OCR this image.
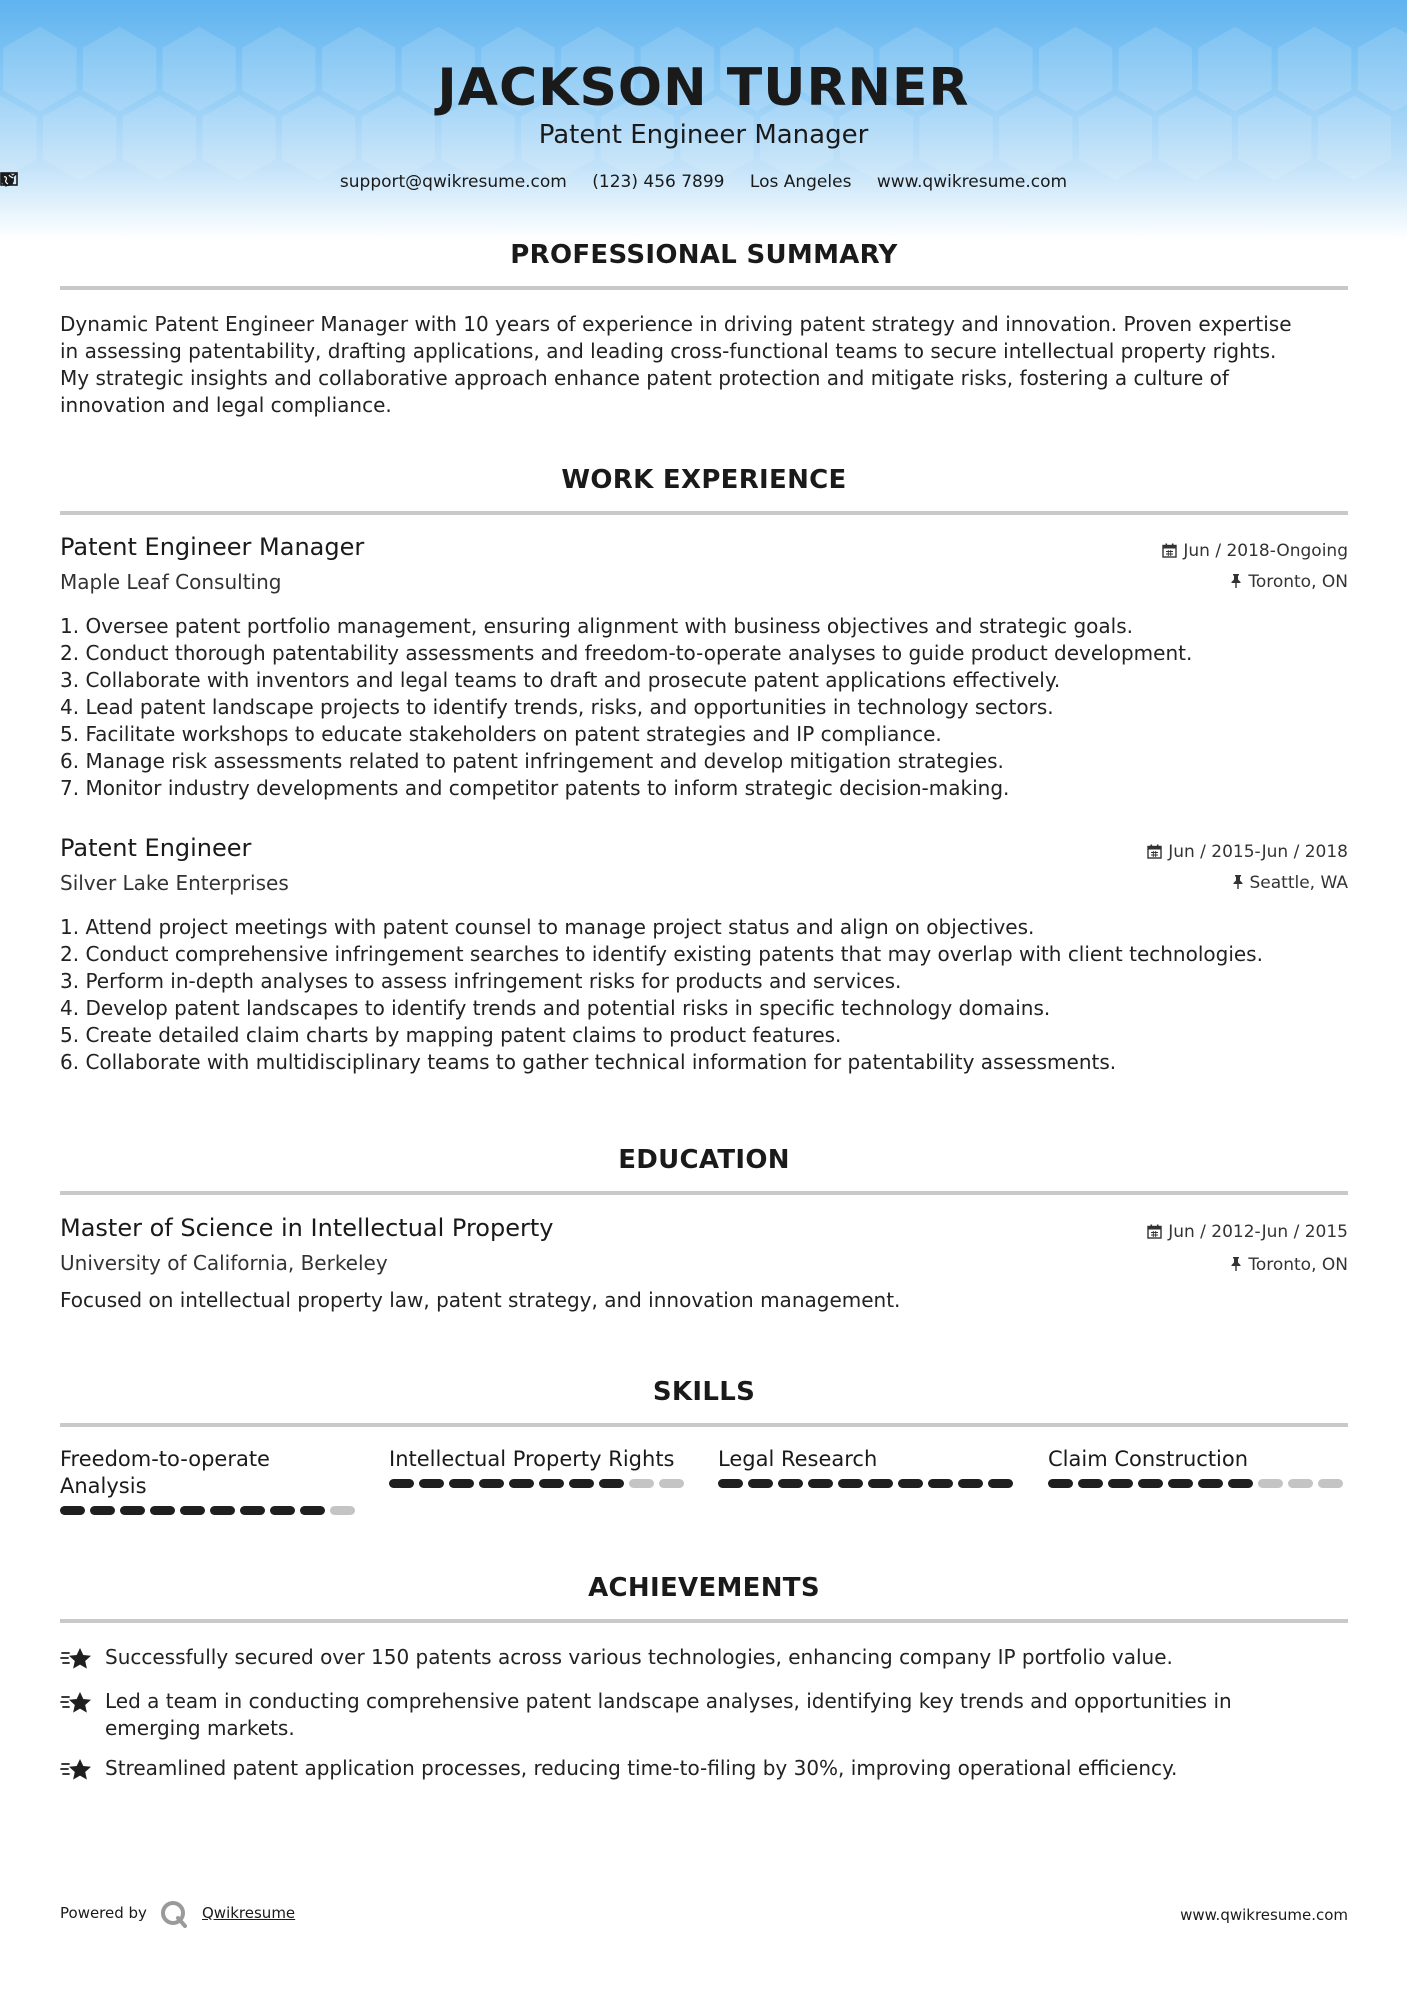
JACKSON TURNER
Patent Engineer Manager
support@qwikresume.com (123) 456 7899 Los Angeles www.qwikresume.com
PROFESSIONAL SUMMARY
Dynamic Patent Engineer Manager with 10 years of experience in driving patent strategy and innovation. Proven expertise
in assessing patentability, drafting applications, and leading cross-functional teams to secure intellectual property rights.
My strategic insights and collaborative approach enhance patent protection and mitigate risks, fostering a culture of
innovation and legal compliance.
WORK EXPERIENCE
Patent Engineer Manager
Maple Leaf Consulting
Jun / 2018-Ongoing
Toronto, ON
1. Oversee patent portfolio management, ensuring alignment with business objectives and strategic goals.
2. Conduct thorough patentability assessments and freedom-to-operate analyses to guide product development.
3. Collaborate with inventors and legal teams to draft and prosecute patent applications effectively.
4. Lead patent landscape projects to identify trends, risks, and opportunities in technology sectors.
5. Facilitate workshops to educate stakeholders on patent strategies and IP compliance.
6. Manage risk assessments related to patent infringement and develop mitigation strategies.
7. Monitor industry developments and competitor patents to inform strategic decision-making.
Patent Engineer
Silver Lake Enterprises
Jun / 2015-Jun / 2018
Seattle, WA
1. Attend project meetings with patent counsel to manage project status and align on objectives.
2. Conduct comprehensive infringement searches to identify existing patents that may overlap with client technologies.
3. Perform in-depth analyses to assess infringement risks for products and services.
4. Develop patent landscapes to identify trends and potential risks in specific technology domains.
5. Create detailed claim charts by mapping patent claims to product features.
6. Collaborate with multidisciplinary teams to gather technical information for patentability assessments.
EDUCATION
Master of Science in Intellectual Property
University of California, Berkeley
Jun / 2012-Jun / 2015
Toronto, ON
Focused on intellectual property law, patent strategy, and innovation management.
SKILLS
Freedom-to-operate
Analysis
Intellectual Property Rights	Legal Research	Claim Construction
ACHIEVEMENTS
Successfully secured over 150 patents across various technologies, enhancing company IP portfolio value.
Led a team in conducting comprehensive patent landscape analyses, identifying key trends and opportunities in
emerging markets.
Streamlined patent application processes, reducing time-to-filing by 30%, improving operational efficiency.
Powered by	Qwikresume	www.qwikresume.com
